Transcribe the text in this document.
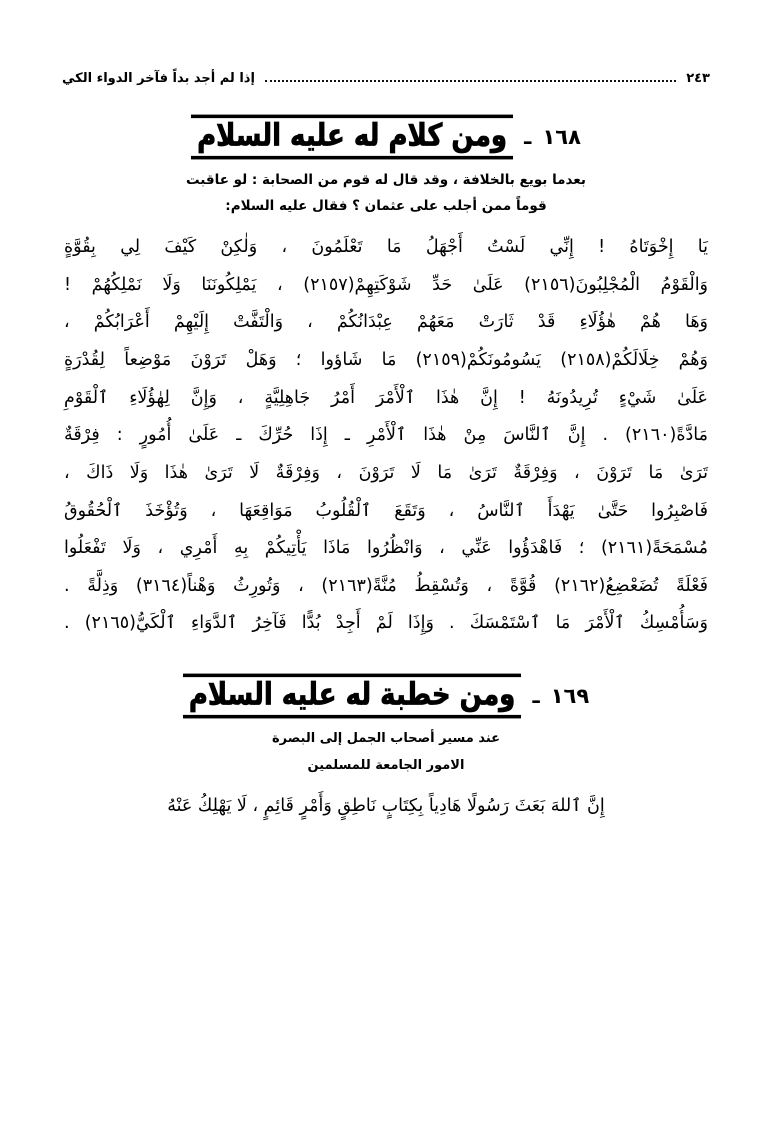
٢٤٣
إذا لم أجد بداً فآخر الدواء الكي
١٦٨ ـ ومن كلام له عليه السلام
بعدما بويع بالخلافة ، وقد قال له قوم من الصحابة : لو عاقبت
قوماً ممن أجلب على عثمان ؟ فقال عليه السلام:
يَا إِخْوَتَاهُ ! إِنِّي لَسْتُ أَجْهَلُ مَا تَعْلَمُونَ ، وَلٰكِنْ كَيْفَ لِي بِقُوَّةٍ
وَالْقَوْمُ الْمُجْلِبُونَ(٢١٥٦) عَلَىٰ حَدِّ شَوْكَتِهِمْ(٢١٥٧) ، يَمْلِكُونَنَا وَلَا نَمْلِكُهُمْ !
وَهَا هُمْ هٰؤُلَاءِ قَدْ ثَارَتْ مَعَهُمْ عِبْدَانُكُمْ ، وَالْتَفَّتْ إِلَيْهِمْ أَعْرَابُكُمْ ،
وَهُمْ خِلَالَكُمْ(٢١٥٨) يَسُومُونَكُمْ(٢١٥٩) مَا شَاؤوا ؛ وَهَلْ تَرَوْنَ مَوْضِعاً لِقُدْرَةٍ
عَلَىٰ شَيْءٍ تُرِيدُونَهُ ! إِنَّ هٰذَا ٱلْأَمْرَ أَمْرُ جَاهِلِيَّةٍ ، وَإِنَّ لِهٰؤُلَاءِ ٱلْقَوْمِ
مَادَّةً(٢١٦٠) . إِنَّ ٱلنَّاسَ مِنْ هٰذَا ٱلْأَمْرِ ـ إِذَا حُرِّكَ ـ عَلَىٰ أُمُورٍ : فِرْقَةٌ
تَرَىٰ مَا تَرَوْنَ ، وَفِرْقَةٌ تَرَىٰ مَا لَا تَرَوْنَ ، وَفِرْقَةٌ لَا تَرَىٰ هٰذَا وَلَا ذَاكَ ،
فَاصْبِرُوا حَتَّىٰ يَهْدَأَ ٱلنَّاسُ ، وَتَقَعَ ٱلْقُلُوبُ مَوَاقِعَهَا ، وَتُؤْخَذَ ٱلْحُقُوقُ
مُسْمَحَةً(٢١٦١) ؛ فَاهْدَؤُوا عَنِّي ، وَانْظُرُوا مَاذَا يَأْتِيكُمْ بِهِ أَمْرِي ، وَلَا تَفْعَلُوا
فَعْلَةً تُضَعْضِعُ(٢١٦٢) قُوَّةً ، وَتُسْقِطُ مُنَّةً(٢١٦٣) ، وَتُورِثُ وَهْناً(٣١٦٤) وَذِلَّةً .
وَسَأُمْسِكُ ٱلْأَمْرَ مَا ٱسْتَمْسَكَ . وَإِذَا لَمْ أَجِدْ بُدًّا فَآخِرُ ٱلدَّوَاءِ ٱلْكَيُّ(٢١٦٥) .
١٦٩ ـ ومن خطبة له عليه السلام
عند مسير أصحاب الجمل إلى البصرة
الامور الجامعة للمسلمين
إِنَّ ٱللهَ بَعَثَ رَسُولًا هَادِياً بِكِتَابٍ نَاطِقٍ وَأَمْرٍ قَائِمٍ ، لَا يَهْلِكُ عَنْهُ
